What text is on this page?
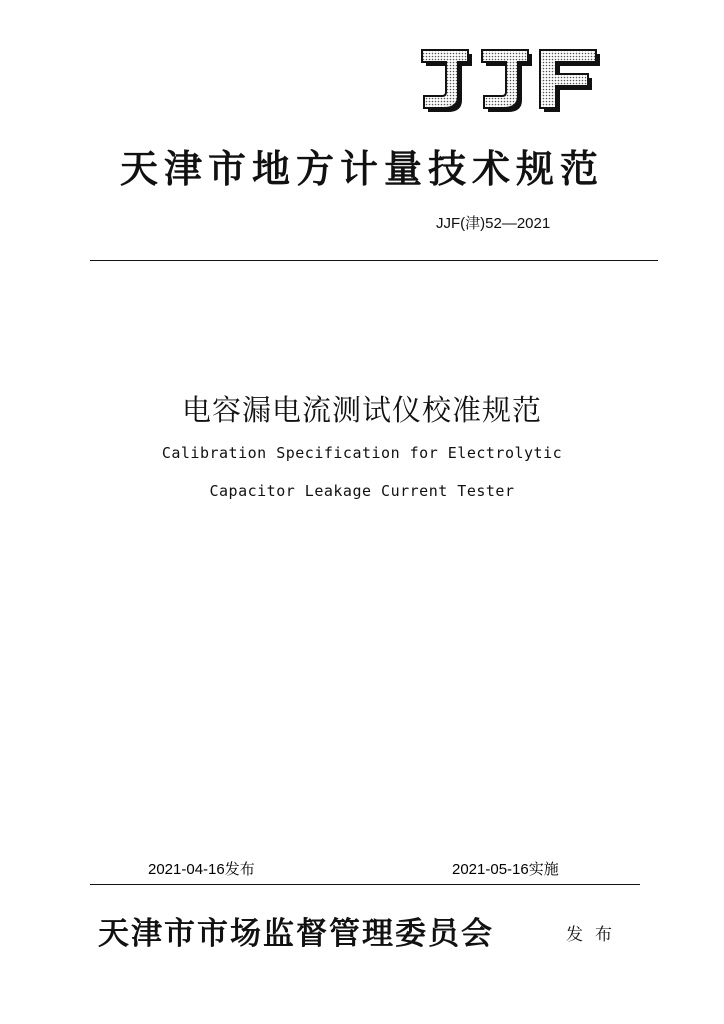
天津市地方计量技术规范
JJF(津)52—2021
电容漏电流测试仪校准规范
Calibration Specification for Electrolytic
Capacitor Leakage Current Tester
2021-04-16发布	2021-05-16实施
天津市市场监督管理委员会	发布
